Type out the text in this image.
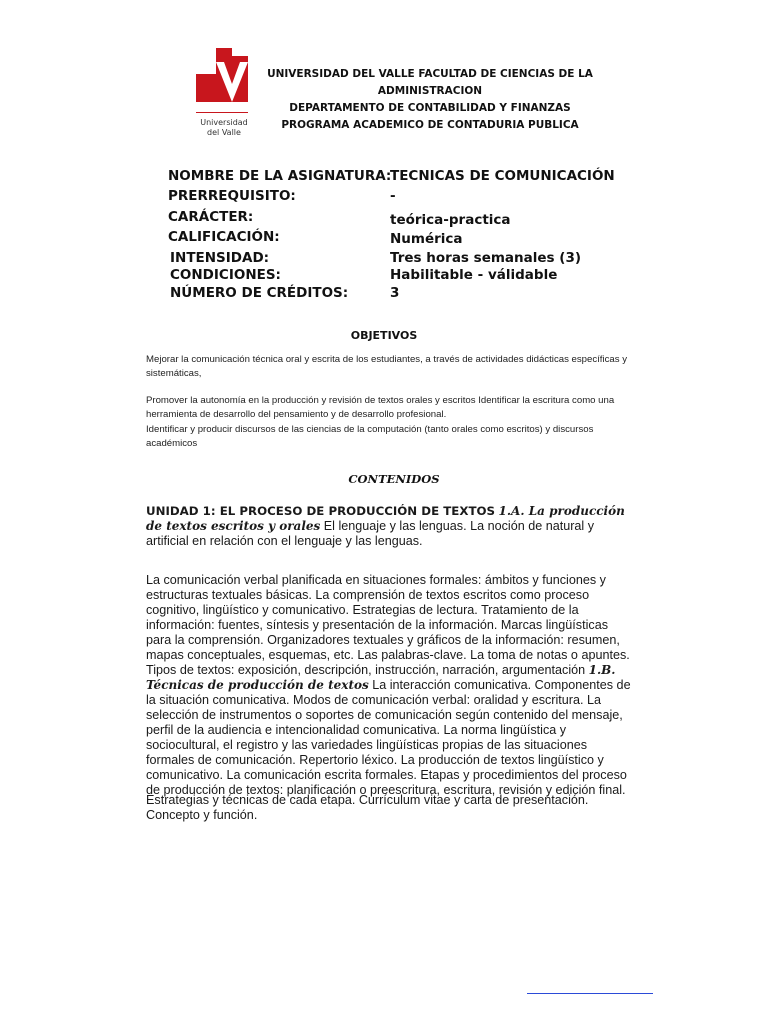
Universidad
del Valle
UNIVERSIDAD DEL VALLE FACULTAD DE CIENCIAS DE LA
ADMINISTRACION
DEPARTAMENTO DE CONTABILIDAD Y FINANZAS
PROGRAMA ACADEMICO DE CONTADURIA PUBLICA
NOMBRE DE LA ASIGNATURA:
TECNICAS DE COMUNICACIÓN
PRERREQUISITO:	-
CARÁCTER:	teórica-practica
CALIFICACIÓN:	Numérica
INTENSIDAD:	Tres horas semanales (3)
CONDICIONES:	Habilitable - válidable
NÚMERO DE CRÉDITOS:	3
OBJETIVOS

Mejorar la comunicación técnica oral y escrita de los estudiantes, a través de actividades didácticas específicas y sistemáticas,

Promover la autonomía en la producción y revisión de textos orales y escritos Identificar la escritura como una herramienta de desarrollo del pensamiento y de desarrollo profesional.

Identificar y producir discursos de las ciencias de la computación (tanto orales como escritos) y discursos académicos

CONTENIDOS

UNIDAD 1: EL PROCESO DE PRODUCCIÓN DE TEXTOS 1.A. La producción de textos escritos y orales El lenguaje y las lenguas. La noción de natural y artificial en relación con el lenguaje y las lenguas.

La comunicación verbal planificada en situaciones formales: ámbitos y funciones y estructuras textuales básicas. La comprensión de textos escritos como proceso cognitivo, lingüístico y comunicativo. Estrategias de lectura. Tratamiento de la información: fuentes, síntesis y presentación de la información. Marcas lingüísticas para la comprensión. Organizadores textuales y gráficos de la información: resumen, mapas conceptuales, esquemas, etc. Las palabras-clave. La toma de notas o apuntes. Tipos de textos: exposición, descripción, instrucción, narración, argumentación 1.B. Técnicas de producción de textos La interacción comunicativa. Componentes de la situación comunicativa. Modos de comunicación verbal: oralidad y escritura. La selección de instrumentos o soportes de comunicación según contenido del mensaje, perfil de la audiencia e intencionalidad comunicativa. La norma lingüística y sociocultural, el registro y las variedades lingüísticas propias de las situaciones formales de comunicación. Repertorio léxico. La producción de textos lingüístico y comunicativo. La comunicación escrita formales. Etapas y procedimientos del proceso de producción de textos: planificación o preescritura, escritura, revisión y edición final.

Estrategias y técnicas de cada etapa. Currículum vitae y carta de presentación. Concepto y función.
